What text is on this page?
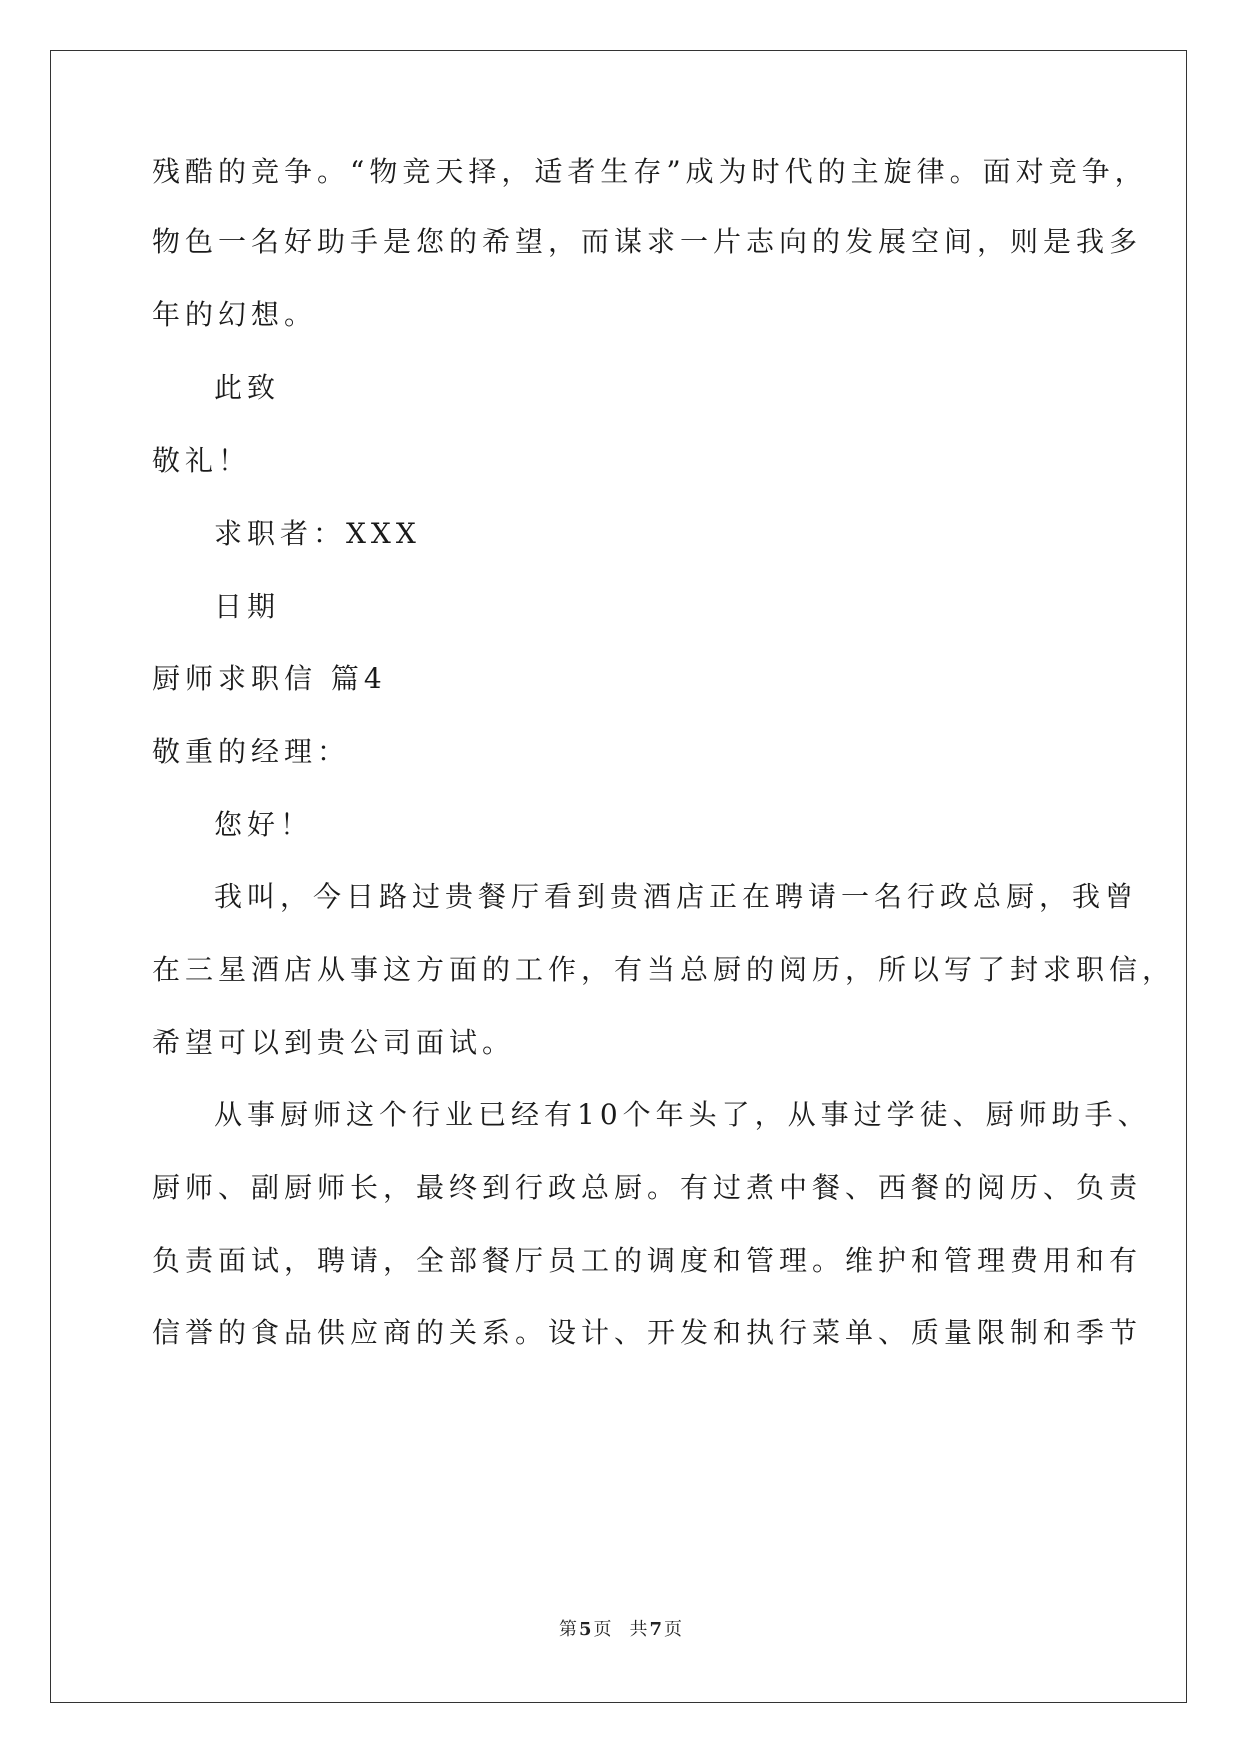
残酷的竞争。“物竞天择，适者生存”成为时代的主旋律。面对竞争，
物色一名好助手是您的希望，而谋求一片志向的发展空间，则是我多
年的幻想。
此致
敬礼！
求职者：XXX
日期
厨师求职信 篇4
敬重的经理：
您好！
我叫，今日路过贵餐厅看到贵酒店正在聘请一名行政总厨，我曾
在三星酒店从事这方面的工作，有当总厨的阅历，所以写了封求职信，
希望可以到贵公司面试。
从事厨师这个行业已经有10个年头了，从事过学徒、厨师助手、
厨师、副厨师长，最终到行政总厨。有过煮中餐、西餐的阅历、负责
负责面试，聘请，全部餐厅员工的调度和管理。维护和管理费用和有
信誉的食品供应商的关系。设计、开发和执行菜单、质量限制和季节
第 5 页　共 7 页
